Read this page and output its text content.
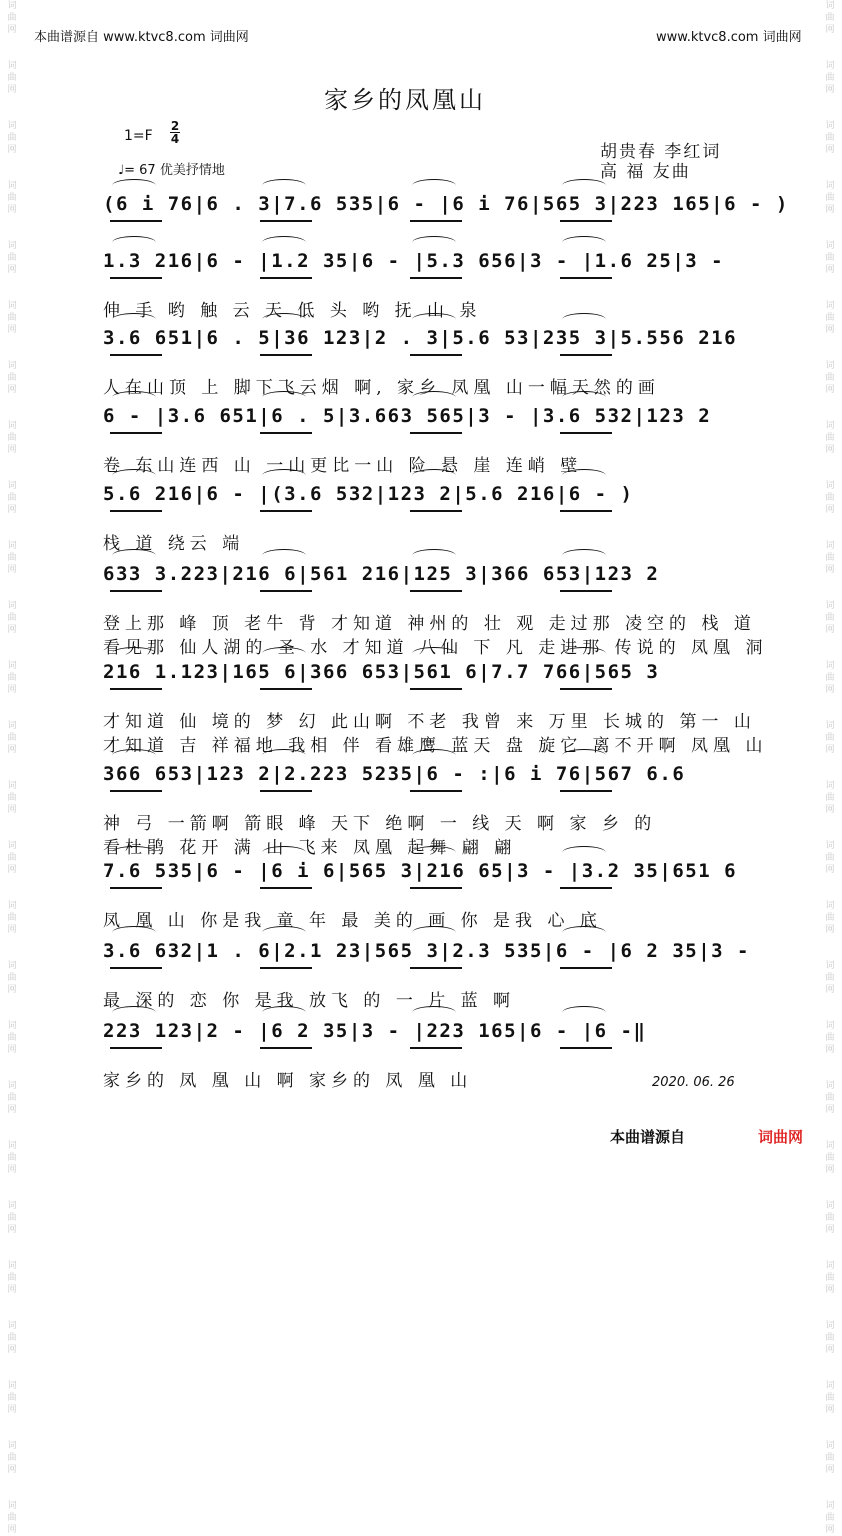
词
曲
网

词
曲
网

词
曲
网

词
曲
网

词
曲
网

词
曲
网

词
曲
网

词
曲
网

词
曲
网

词
曲
网

词
曲
网

词
曲
网

词
曲
网

词
曲
网

词
曲
网

词
曲
网

词
曲
网

词
曲
网

词
曲
网

词
曲
网

词
曲
网

词
曲
网

词
曲
网

词
曲
网

词
曲
网

词
曲
网

词
曲
网

词
曲
网

词
曲
网

词
曲
网

词
曲
网

词
曲
网

词
曲
网

词
曲
网

词
曲
网

词
曲
网

词
曲
网

词
曲
网

词
曲
网

词
曲
网

词
曲
网

词
曲
网

词
曲
网

词
曲
网

词
曲
网

词
曲
网

词
曲
网

词
曲
网

词
曲
网

词
曲
网

词
曲
网

词
曲
网

本曲谱源自 www.ktvc8.com 词曲网	www.ktvc8.com 词曲网
家乡的凤凰山
1=F
2
4
♩= 67 优美抒情地
胡贵春 李红词
高 福 友曲
(6 i 76|6 . 3|7.6 535|6 - |6 i 76|565 3|223 165|6 - )
1.3 216|6 - |1.2 35|6 - |5.3 656|3 - |1.6 25|3 -
伸 手 哟 触 云 天 低 头 哟 抚 山 泉
3.6 651|6 . 5|36 123|2 . 3|5.6 53|235 3|5.556 216
人在山顶 上 脚下飞云烟 啊, 家乡 凤凰 山一幅天然的画
6 - |3.6 651|6 . 5|3.663 565|3 - |3.6 532|123 2
卷 东山连西 山 一山更比一山 险 悬 崖 连峭 壁
5.6 216|6 - |(3.6 532|123 2|5.6 216|6 - )
栈 道 绕云 端
633 3.223|216 6|561 216|125 3|366 653|123 2
登上那 峰 顶 老牛 背 才知道 神州的 壮 观 走过那 凌空的 栈 道
看见那 仙人湖的 圣 水 才知道 八仙 下 凡 走进那 传说的 凤凰 洞
216 1.123|165 6|366 653|561 6|7.7 766|565 3
才知道 仙 境的 梦 幻 此山啊 不老 我曾 来 万里 长城的 第一 山
才知道 吉 祥福地 我相 伴 看雄鹰 蓝天 盘 旋它 离不开啊 凤凰 山
366 653|123 2|2.223 5235|6 - :|6 i 76|567 6.6
神 弓 一箭啊 箭眼 峰 天下 绝啊 一 线 天 啊 家 乡 的
看杜鹃 花开 满 山 飞来 凤凰 起舞 翩 翩
7.6 535|6 - |6 i 6|565 3|216 65|3 - |3.2 35|651 6
凤 凰 山 你是我 童 年 最 美的 画 你 是我 心 底
3.6 632|1 . 6|2.1 23|565 3|2.3 535|6 - |6 2 35|3 -
最 深的 恋 你 是我 放飞 的 一 片 蓝 啊
223 123|2 - |6 2 35|3 - |223 165|6 - |6 -‖
家乡的 凤 凰 山 啊 家乡的 凤 凰 山	2020. 06. 26
本曲谱源自	词曲网
